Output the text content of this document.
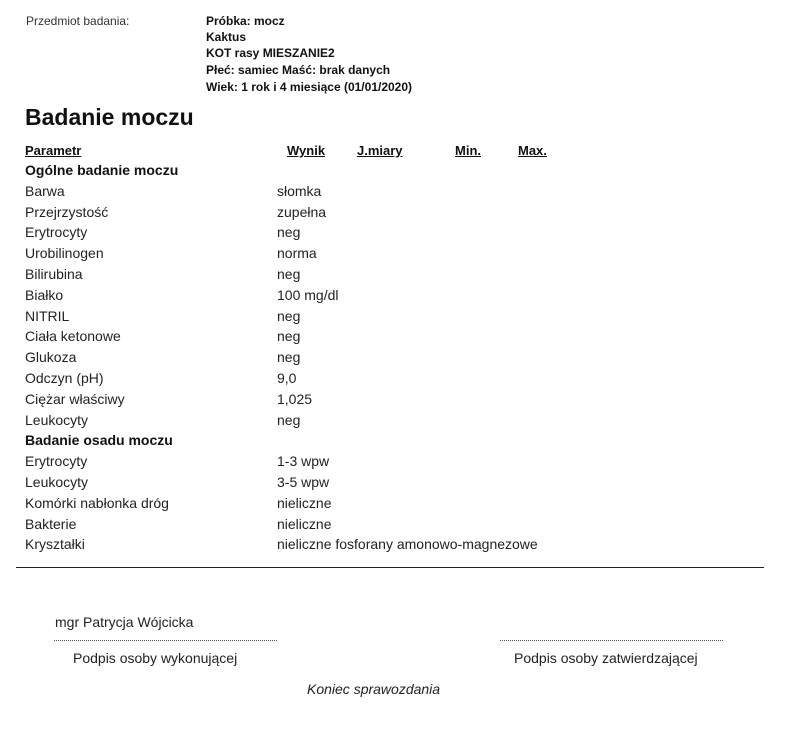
Przedmiot badania:	Próbka: mocz
Kaktus
KOT rasy MIESZANIE2
Płeć: samiec Maść: brak danych
Wiek: 1 rok i 4 miesiące (01/01/2020)
Badanie moczu
Parametr	Wynik J.miary	Min.	Max.
Ogólne badanie moczu
Barwa	słomka
Przejrzystość	zupełna
Erytrocyty	neg
Urobilinogen	norma
Bilirubina	neg
Białko	100 mg/dl
NITRIL	neg
Ciała ketonowe	neg
Glukoza	neg
Odczyn (pH)	9,0
Ciężar właściwy	1,025
Leukocyty	neg
Badanie osadu moczu
Erytrocyty	1-3 wpw
Leukocyty	3-5 wpw
Komórki nabłonka dróg	nieliczne
Bakterie	nieliczne
Kryształki	nieliczne fosforany amonowo-magnezowe
mgr Patrycja Wójcicka
Podpis osoby wykonującej	Podpis osoby zatwierdzającej
Koniec sprawozdania
